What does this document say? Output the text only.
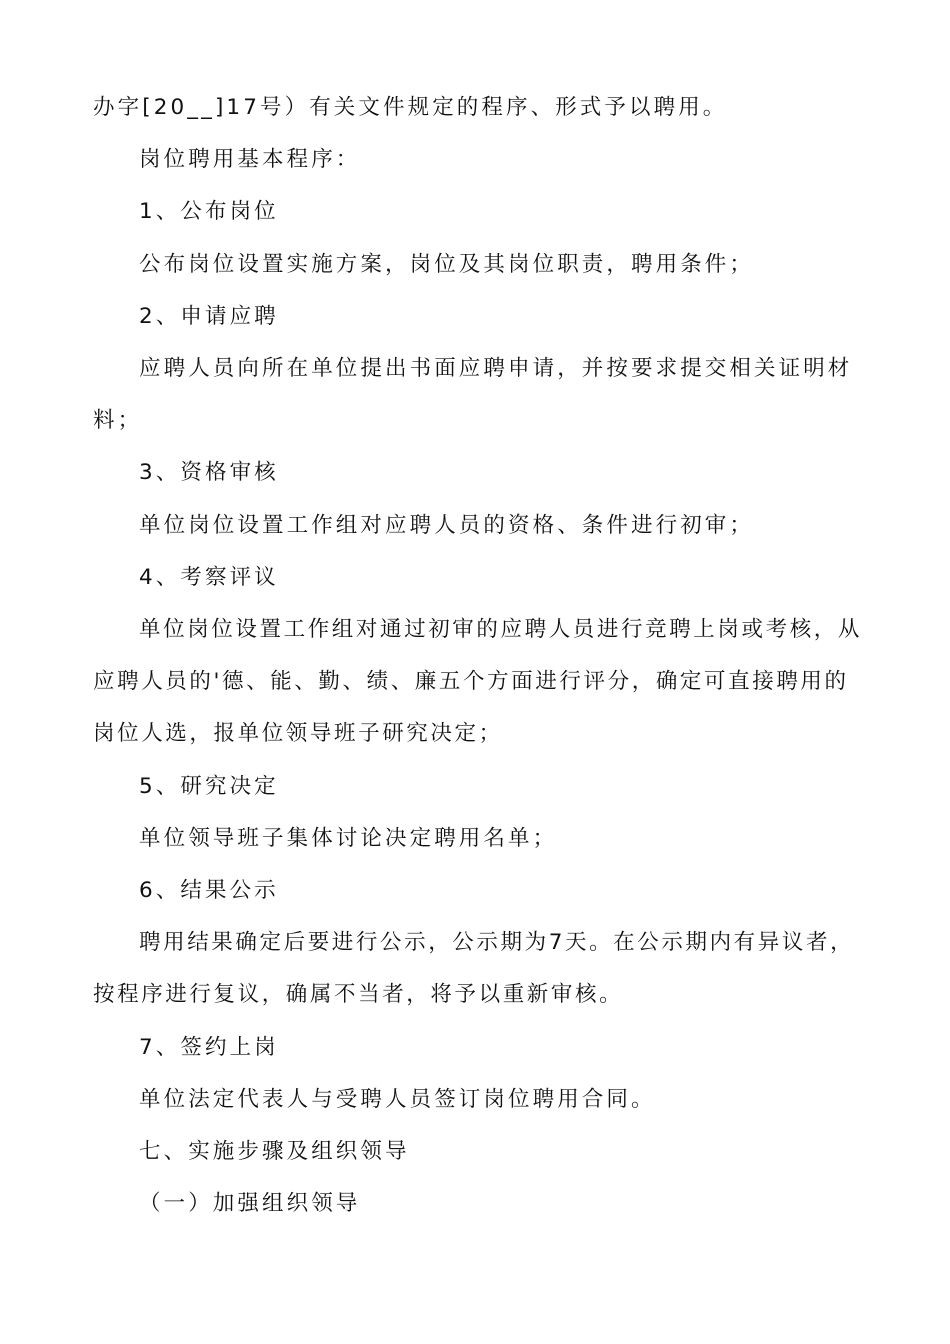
办字[20__]17号）有关文件规定的程序、形式予以聘用。

岗位聘用基本程序：

1、公布岗位

公布岗位设置实施方案，岗位及其岗位职责，聘用条件；

2、申请应聘

应聘人员向所在单位提出书面应聘申请，并按要求提交相关证明材料；

3、资格审核

单位岗位设置工作组对应聘人员的资格、条件进行初审；

4、考察评议

单位岗位设置工作组对通过初审的应聘人员进行竞聘上岗或考核，从应聘人员的'德、能、勤、绩、廉五个方面进行评分，确定可直接聘用的岗位人选，报单位领导班子研究决定；

5、研究决定

单位领导班子集体讨论决定聘用名单；

6、结果公示

聘用结果确定后要进行公示，公示期为7天。在公示期内有异议者，按程序进行复议，确属不当者，将予以重新审核。

7、签约上岗

单位法定代表人与受聘人员签订岗位聘用合同。

七、实施步骤及组织领导

（一）加强组织领导
